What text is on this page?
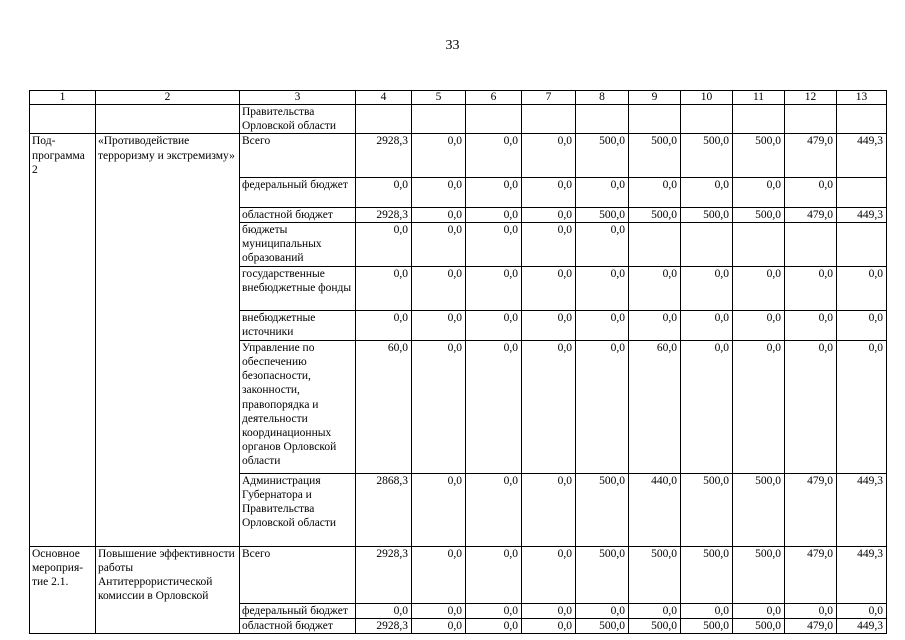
33
1	2	3	4	5	6	7	8	9	10	11	12	13
		Правительства Орловской области										
Под-программа 2	«Противодействие терроризму и экстремизму»	Всего	2928,3	0,0	0,0	0,0	500,0	500,0	500,0	500,0	479,0	449,3
		федеральный бюджет	0,0	0,0	0,0	0,0	0,0	0,0	0,0	0,0	0,0	
		областной бюджет	2928,3	0,0	0,0	0,0	500,0	500,0	500,0	500,0	479,0	449,3
		бюджеты муниципальных образований	0,0	0,0	0,0	0,0	0,0					
		государственные внебюджетные фонды	0,0	0,0	0,0	0,0	0,0	0,0	0,0	0,0	0,0	0,0
		внебюджетные источники	0,0	0,0	0,0	0,0	0,0	0,0	0,0	0,0	0,0	0,0
		Управление по обеспечению безопасности, законности, правопорядка и деятельности координационных органов Орловской области	60,0	0,0	0,0	0,0	0,0	60,0	0,0	0,0	0,0	0,0
		Администрация Губернатора и Правительства Орловской области	2868,3	0,0	0,0	0,0	500,0	440,0	500,0	500,0	479,0	449,3
Основное мероприя-тие 2.1.	Повышение эффективности работы Антитеррористической комиссии в Орловской	Всего	2928,3	0,0	0,0	0,0	500,0	500,0	500,0	500,0	479,0	449,3
		федеральный бюджет	0,0	0,0	0,0	0,0	0,0	0,0	0,0	0,0	0,0	0,0
		областной бюджет	2928,3	0,0	0,0	0,0	500,0	500,0	500,0	500,0	479,0	449,3
